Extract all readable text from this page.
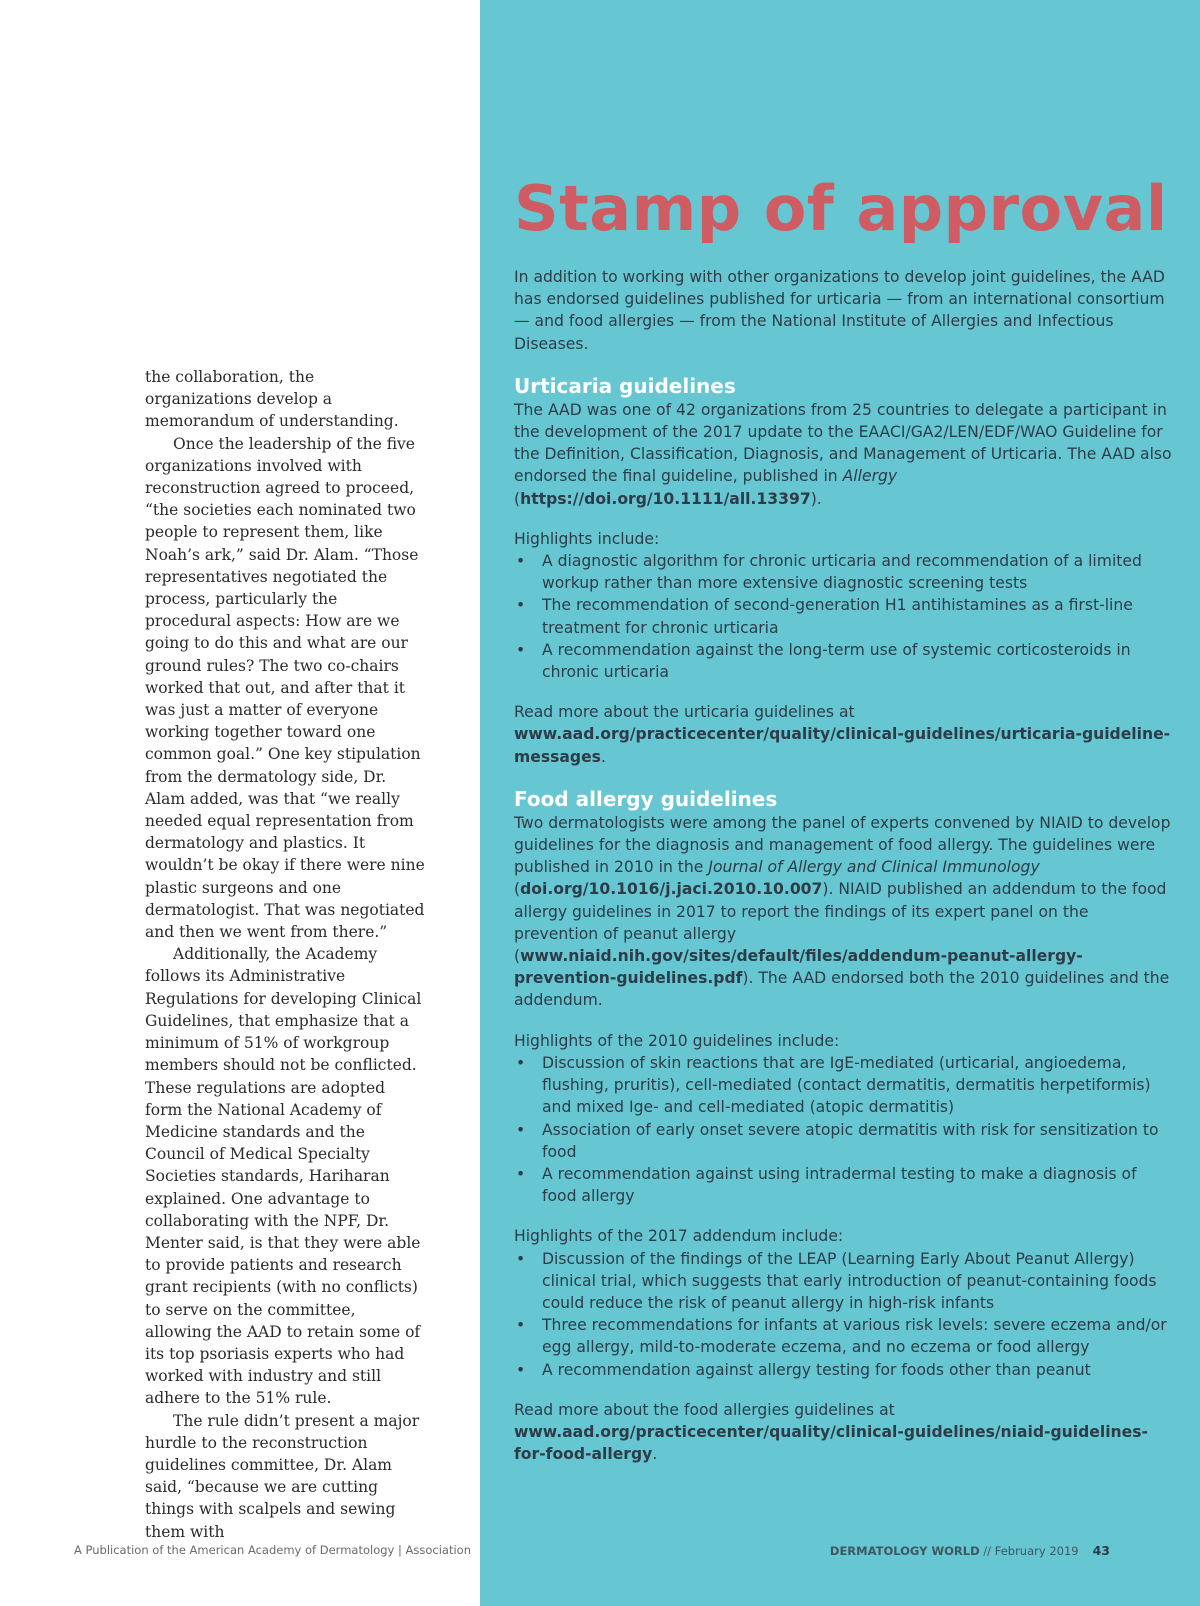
the collaboration, the organizations develop a memorandum of understanding.

Once the leadership of the five organizations involved with reconstruction agreed to proceed, “the societies each nominated two people to represent them, like Noah’s ark,” said Dr. Alam. “Those representatives negotiated the process, particularly the procedural aspects: How are we going to do this and what are our ground rules? The two co-chairs worked that out, and after that it was just a matter of everyone working together toward one common goal.” One key stipulation from the dermatology side, Dr. Alam added, was that “we really needed equal representation from dermatology and plastics. It wouldn’t be okay if there were nine plastic surgeons and one dermatologist. That was negotiated and then we went from there.”

Additionally, the Academy follows its Administrative Regulations for developing Clinical Guidelines, that emphasize that a minimum of 51% of workgroup members should not be conflicted. These regulations are adopted form the National Academy of Medicine standards and the Council of Medical Specialty Societies standards, Hariharan explained. One advantage to collaborating with the NPF, Dr. Menter said, is that they were able to provide patients and research grant recipients (with no conflicts) to serve on the committee, allowing the AAD to retain some of its top psoriasis experts who had worked with industry and still adhere to the 51% rule.

The rule didn’t present a major hurdle to the reconstruction guidelines committee, Dr. Alam said, “because we are cutting things with scalpels and sewing them with

Stamp of approval

In addition to working with other organizations to develop joint guidelines, the AAD has endorsed guidelines published for urticaria — from an international consortium — and food allergies — from the National Institute of Allergies and Infectious Diseases.

Urticaria guidelines

The AAD was one of 42 organizations from 25 countries to delegate a participant in the development of the 2017 update to the EAACI/GA2/LEN/EDF/WAO Guideline for the Definition, Classification, Diagnosis, and Management of Urticaria. The AAD also endorsed the final guideline, published in Allergy (https://doi.org/10.1111/all.13397).

Highlights include:

• A diagnostic algorithm for chronic urticaria and recommendation of a limited workup rather than more extensive diagnostic screening tests
• The recommendation of second-generation H1 antihistamines as a first-line treatment for chronic urticaria
• A recommendation against the long-term use of systemic corticosteroids in chronic urticaria

Read more about the urticaria guidelines at www.aad.org/practicecenter/quality/clinical-guidelines/urticaria-guideline-messages.

Food allergy guidelines

Two dermatologists were among the panel of experts convened by NIAID to develop guidelines for the diagnosis and management of food allergy. The guidelines were published in 2010 in the Journal of Allergy and Clinical Immunology (doi.org/10.1016/j.jaci.2010.10.007). NIAID published an addendum to the food allergy guidelines in 2017 to report the findings of its expert panel on the prevention of peanut allergy (www.niaid.nih.gov/sites/default/files/addendum-peanut-allergy-prevention-guidelines.pdf). The AAD endorsed both the 2010 guidelines and the addendum.

Highlights of the 2010 guidelines include:

• Discussion of skin reactions that are IgE-mediated (urticarial, angioedema, flushing, pruritis), cell-mediated (contact dermatitis, dermatitis herpetiformis) and mixed Ige- and cell-mediated (atopic dermatitis)
• Association of early onset severe atopic dermatitis with risk for sensitization to food
• A recommendation against using intradermal testing to make a diagnosis of food allergy

Highlights of the 2017 addendum include:

• Discussion of the findings of the LEAP (Learning Early About Peanut Allergy) clinical trial, which suggests that early introduction of peanut-containing foods could reduce the risk of peanut allergy in high-risk infants
• Three recommendations for infants at various risk levels: severe eczema and/or egg allergy, mild-to-moderate eczema, and no eczema or food allergy
• A recommendation against allergy testing for foods other than peanut

Read more about the food allergies guidelines at www.aad.org/practicecenter/quality/clinical-guidelines/niaid-guidelines-for-food-allergy.

A Publication of the American Academy of Dermatology | Association	DERMATOLOGY WORLD // February 2019 43
